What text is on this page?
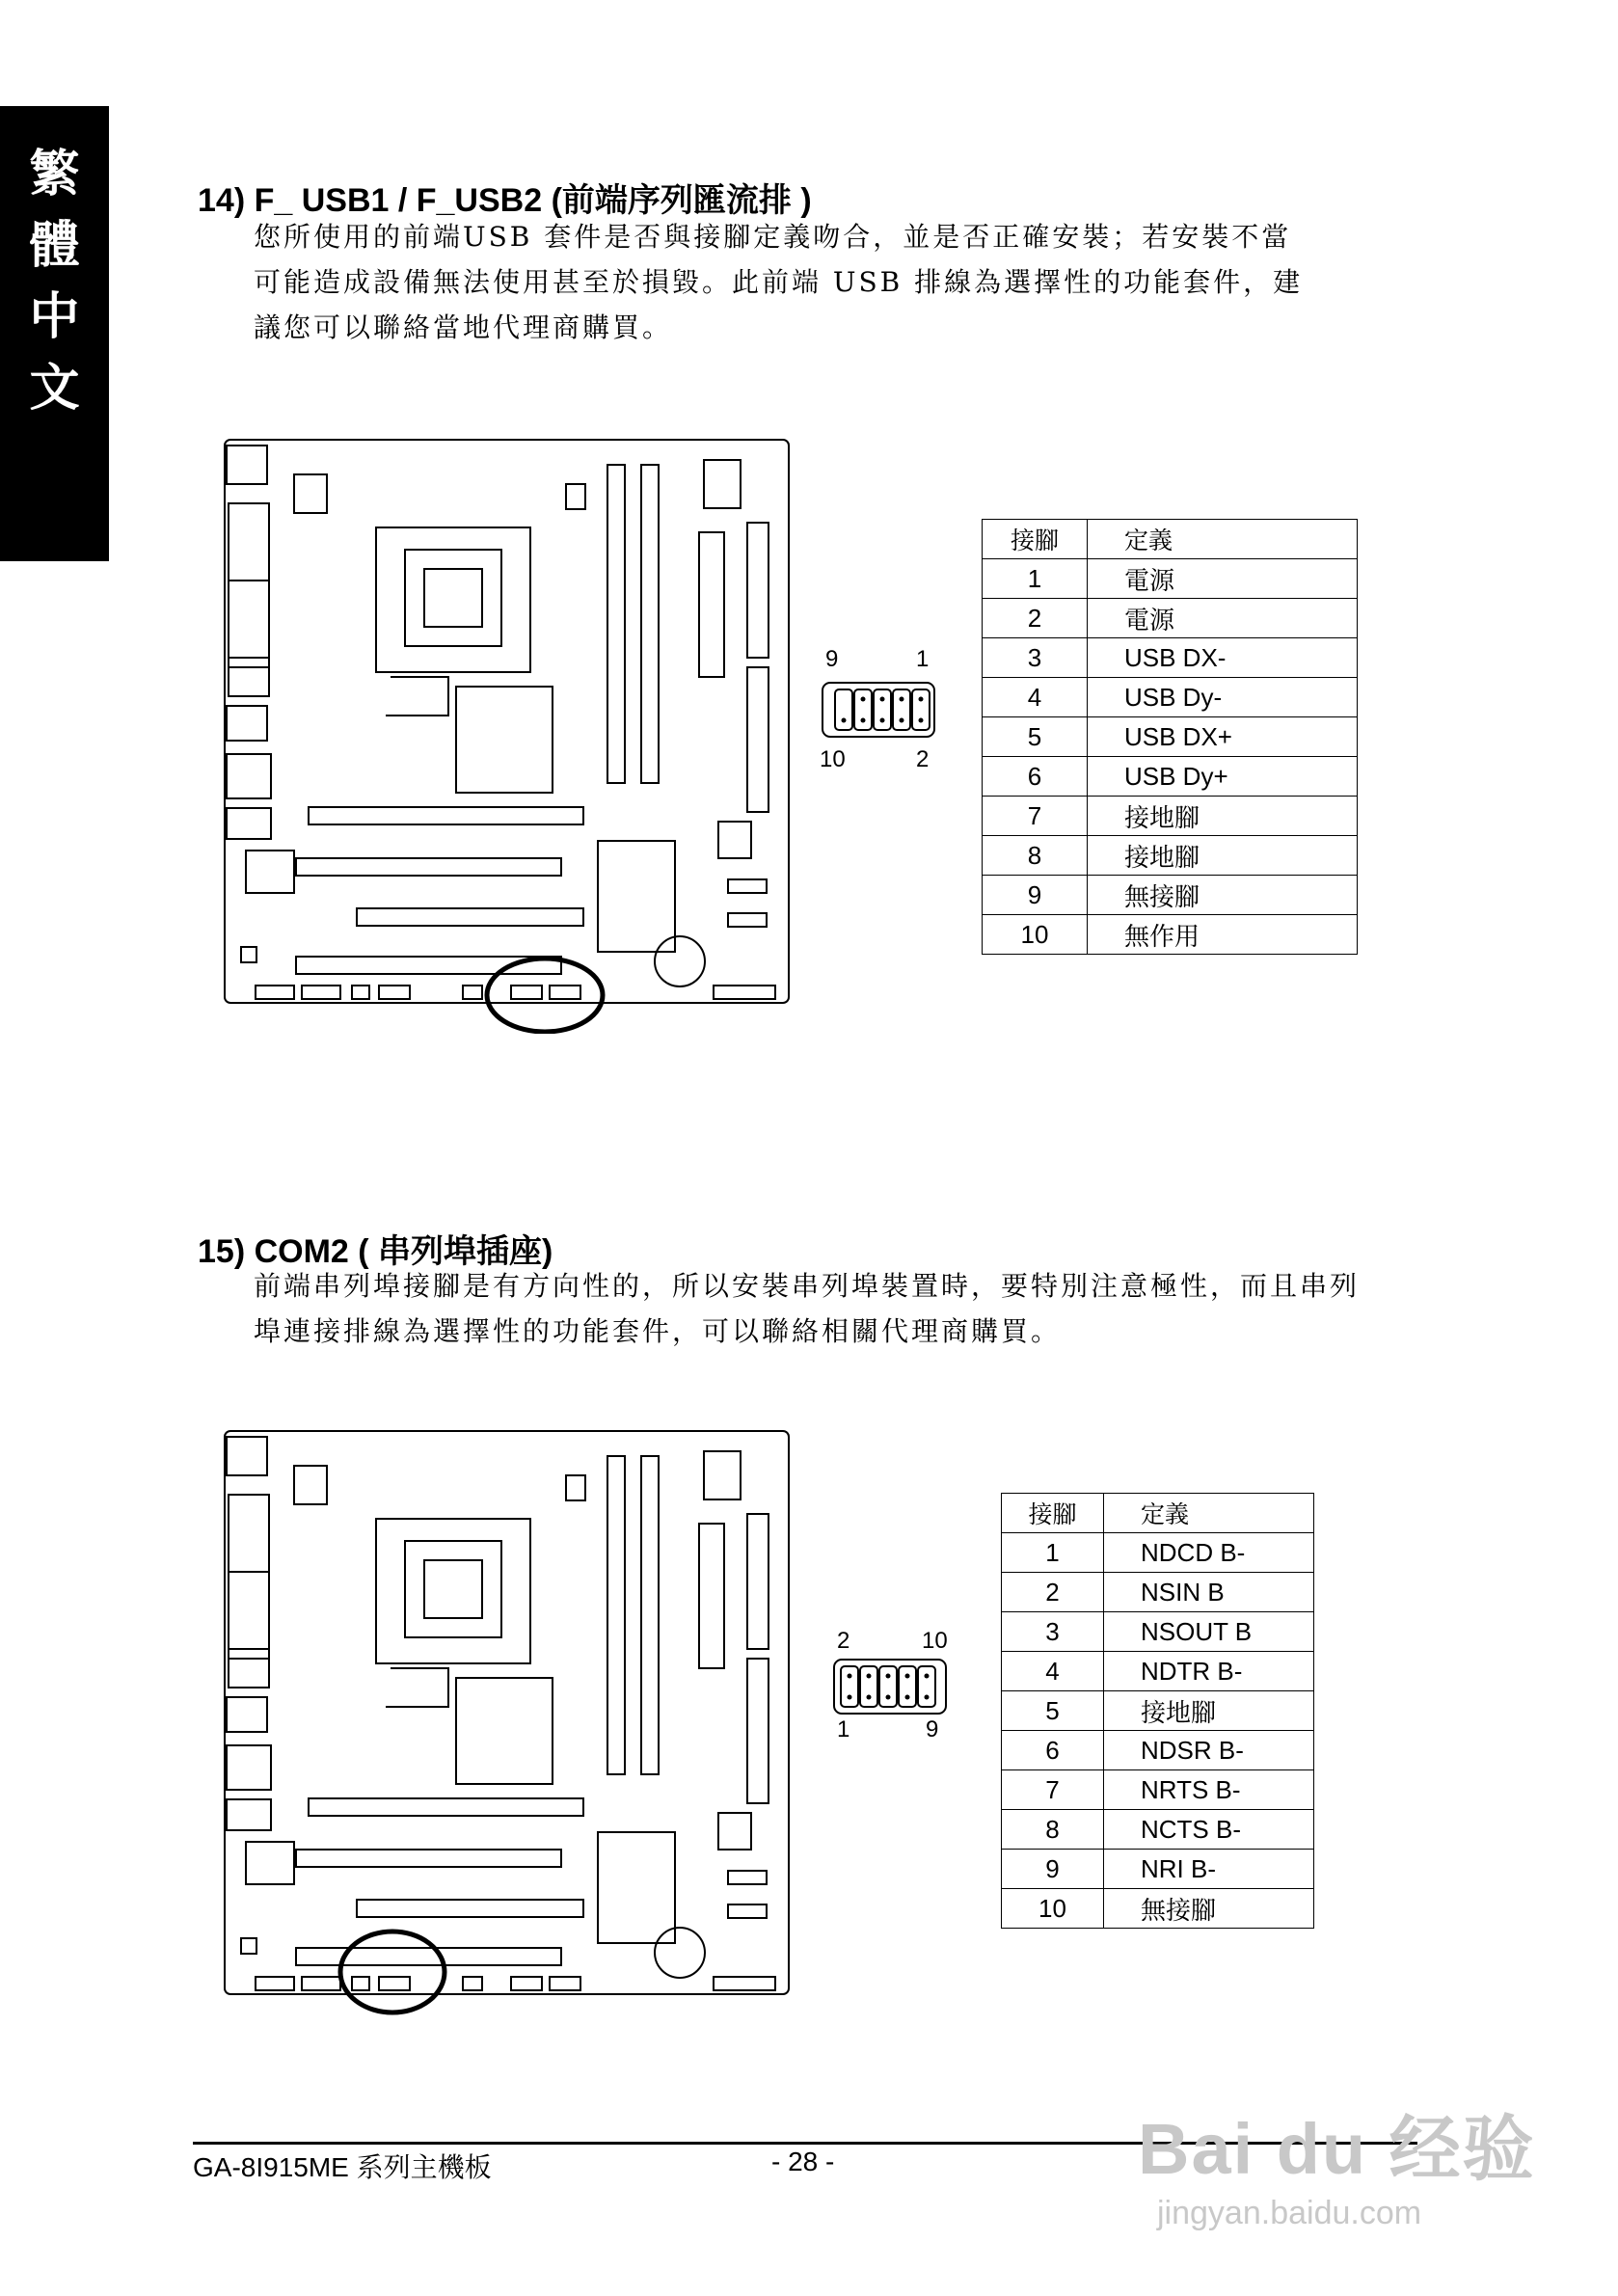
繁
體
中
文
14) F_ USB1 / F_USB2 (前端序列匯流排 )
您所使用的前端USB 套件是否與接腳定義吻合，並是否正確安裝；若安裝不當
可能造成設備無法使用甚至於損毀。此前端 USB 排線為選擇性的功能套件，建
議您可以聯絡當地代理商購買。
9	1
10	2
接腳	定義
1	電源
2	電源
3	USB DX-
4	USB Dy-
5	USB DX+
6	USB Dy+
7	接地腳
8	接地腳
9	無接腳
10	無作用
15) COM2 ( 串列埠插座)
前端串列埠接腳是有方向性的，所以安裝串列埠裝置時，要特別注意極性，而且串列
埠連接排線為選擇性的功能套件，可以聯絡相關代理商購買。
2	10
1	9
接腳	定義
1	NDCD B-
2	NSIN B
3	NSOUT B
4	NDTR B-
5	接地腳
6	NDSR B-
7	NRTS B-
8	NCTS B-
9	NRI B-
10	無接腳
GA-8I915ME 系列主機板	- 28 -	Bai du 经验
jingyan.baidu.com
